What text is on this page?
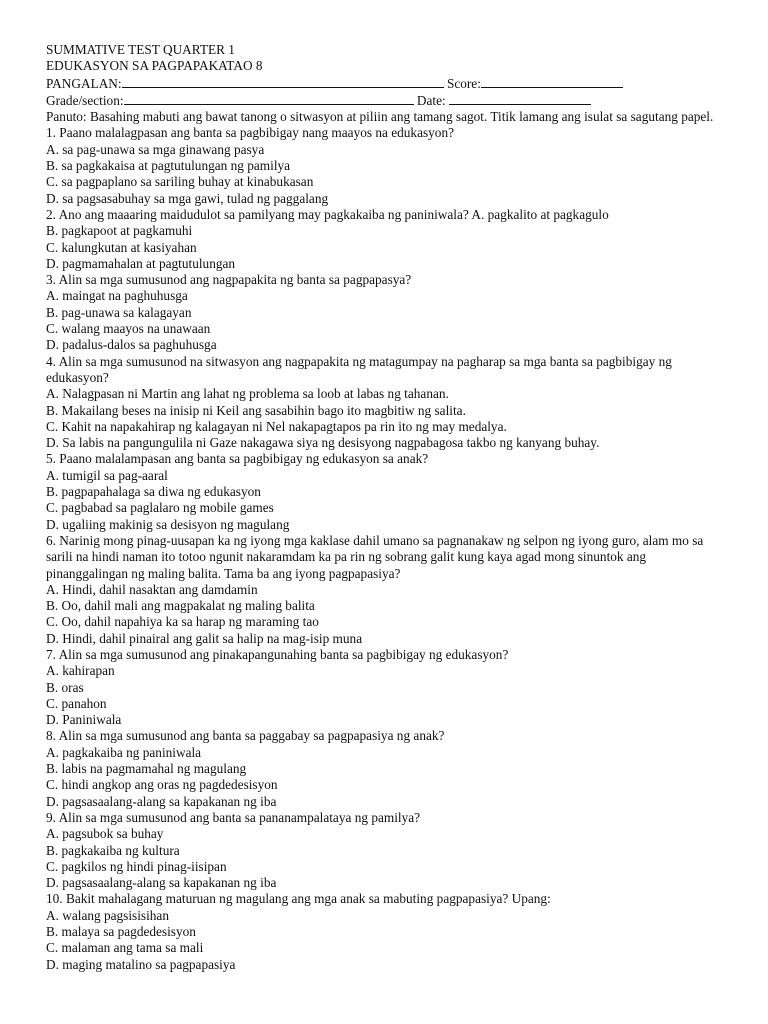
SUMMATIVE TEST QUARTER 1
EDUKASYON SA PAGPAPAKATAO 8
PANGALAN:	Score:
Grade/section:	Date:
Panuto: Basahing mabuti ang bawat tanong o sitwasyon at piliin ang tamang sagot. Titik lamang ang isulat sa sagutang papel.
1. Paano malalagpasan ang banta sa pagbibigay nang maayos na edukasyon?
A. sa pag-unawa sa mga ginawang pasya
B. sa pagkakaisa at pagtutulungan ng pamilya
C. sa pagpaplano sa sariling buhay at kinabukasan
D. sa pagsasabuhay sa mga gawi, tulad ng paggalang
2. Ano ang maaaring maidudulot sa pamilyang may pagkakaiba ng paniniwala? A. pagkalito at pagkagulo
B. pagkapoot at pagkamuhi
C. kalungkutan at kasiyahan
D. pagmamahalan at pagtutulungan
3. Alin sa mga sumusunod ang nagpapakita ng banta sa pagpapasya?
A. maingat na paghuhusga
B. pag-unawa sa kalagayan
C. walang maayos na unawaan
D. padalus-dalos sa paghuhusga
4. Alin sa mga sumusunod na sitwasyon ang nagpapakita ng matagumpay na pagharap sa mga banta sa pagbibigay ng edukasyon?
A. Nalagpasan ni Martin ang lahat ng problema sa loob at labas ng tahanan.
B. Makailang beses na inisip ni Keil ang sasabihin bago ito magbitiw ng salita.
C. Kahit na napakahirap ng kalagayan ni Nel nakapagtapos pa rin ito ng may medalya.
D. Sa labis na pangungulila ni Gaze nakagawa siya ng desisyong nagpabagosa takbo ng kanyang buhay.
5. Paano malalampasan ang banta sa pagbibigay ng edukasyon sa anak?
A. tumigil sa pag-aaral
B. pagpapahalaga sa diwa ng edukasyon
C. pagbabad sa paglalaro ng mobile games
D. ugaliing makinig sa desisyon ng magulang
6. Narinig mong pinag-uusapan ka ng iyong mga kaklase dahil umano sa pagnanakaw ng selpon ng iyong guro, alam mo sa sarili na hindi naman ito totoo ngunit nakaramdam ka pa rin ng sobrang galit kung kaya agad mong sinuntok ang pinanggalingan ng maling balita. Tama ba ang iyong pagpapasiya?
A. Hindi, dahil nasaktan ang damdamin
B. Oo, dahil mali ang magpakalat ng maling balita
C. Oo, dahil napahiya ka sa harap ng maraming tao
D. Hindi, dahil pinairal ang galit sa halip na mag-isip muna
7. Alin sa mga sumusunod ang pinakapangunahing banta sa pagbibigay ng edukasyon?
A. kahirapan
B. oras
C. panahon
D. Paniniwala
8. Alin sa mga sumusunod ang banta sa paggabay sa pagpapasiya ng anak?
A. pagkakaiba ng paniniwala
B. labis na pagmamahal ng magulang
C. hindi angkop ang oras ng pagdedesisyon
D. pagsasaalang-alang sa kapakanan ng iba
9. Alin sa mga sumusunod ang banta sa pananampalataya ng pamilya?
A. pagsubok sa buhay
B. pagkakaiba ng kultura
C. pagkilos ng hindi pinag-iisipan
D. pagsasaalang-alang sa kapakanan ng iba
10. Bakit mahalagang maturuan ng magulang ang mga anak sa mabuting pagpapasiya? Upang:
A. walang pagsisisihan
B. malaya sa pagdedesisyon
C. malaman ang tama sa mali
D. maging matalino sa pagpapasiya
